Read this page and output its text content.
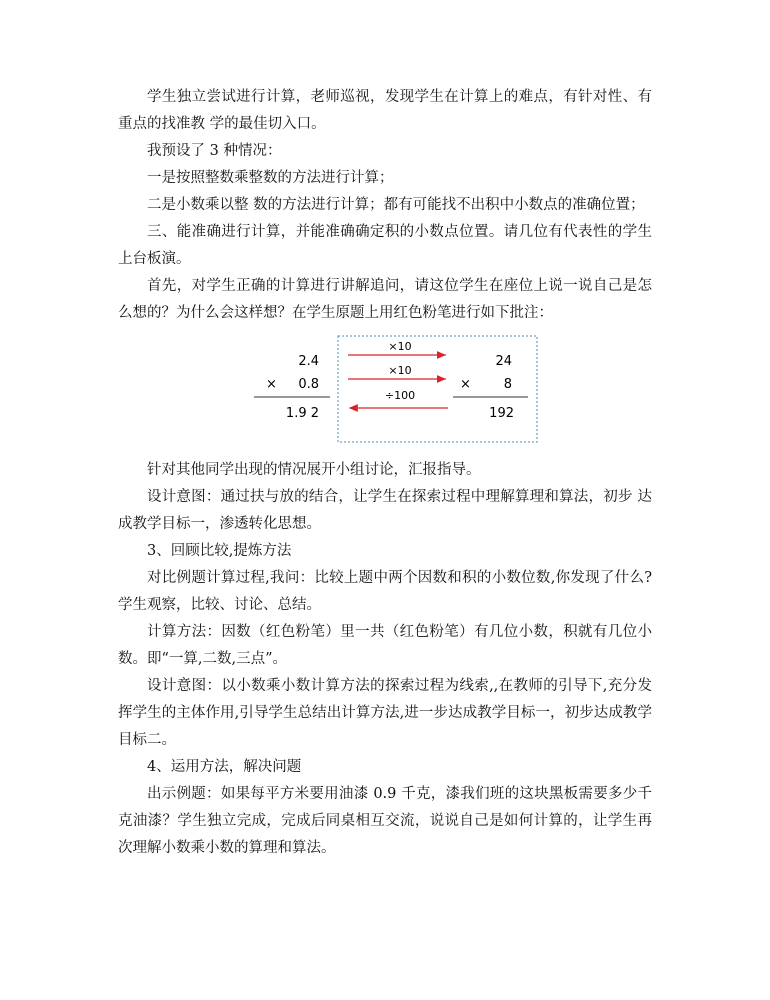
学生独立尝试进行计算，老师巡视，发现学生在计算上的难点，有针对性、有重点的找准教 学的最佳切入口。

我预设了 3 种情况：

一是按照整数乘整数的方法进行计算；

二是小数乘以整 数的方法进行计算；都有可能找不出积中小数点的准确位置；

三、能准确进行计算，并能准确确定积的小数点位置。请几位有代表性的学生上台板演。

首先，对学生正确的计算进行讲解追问，请这位学生在座位上说一说自己是怎么想的？为什么会这样想？在学生原题上用红色粉笔进行如下批注：

2.4
× 0.8
1.9 2
×10
×10
÷100
24
×	8
192

针对其他同学出现的情况展开小组讨论，汇报指导。

设计意图：通过扶与放的结合，让学生在探索过程中理解算理和算法，初步 达成教学目标一，渗透转化思想。

3、回顾比较,提炼方法

对比例题计算过程,我问：比较上题中两个因数和积的小数位数,你发现了什么?学生观察，比较、讨论、总结。

计算方法：因数（红色粉笔）里一共（红色粉笔）有几位小数，积就有几位小数。即“一算,二数,三点”。

设计意图：以小数乘小数计算方法的探索过程为线索,,在教师的引导下,充分发挥学生的主体作用,引导学生总结出计算方法,进一步达成教学目标一，初步达成教学目标二。

4、运用方法，解决问题

出示例题：如果每平方米要用油漆 0.9 千克，漆我们班的这块黑板需要多少千克油漆？学生独立完成，完成后同桌相互交流，说说自己是如何计算的，让学生再次理解小数乘小数的算理和算法。
